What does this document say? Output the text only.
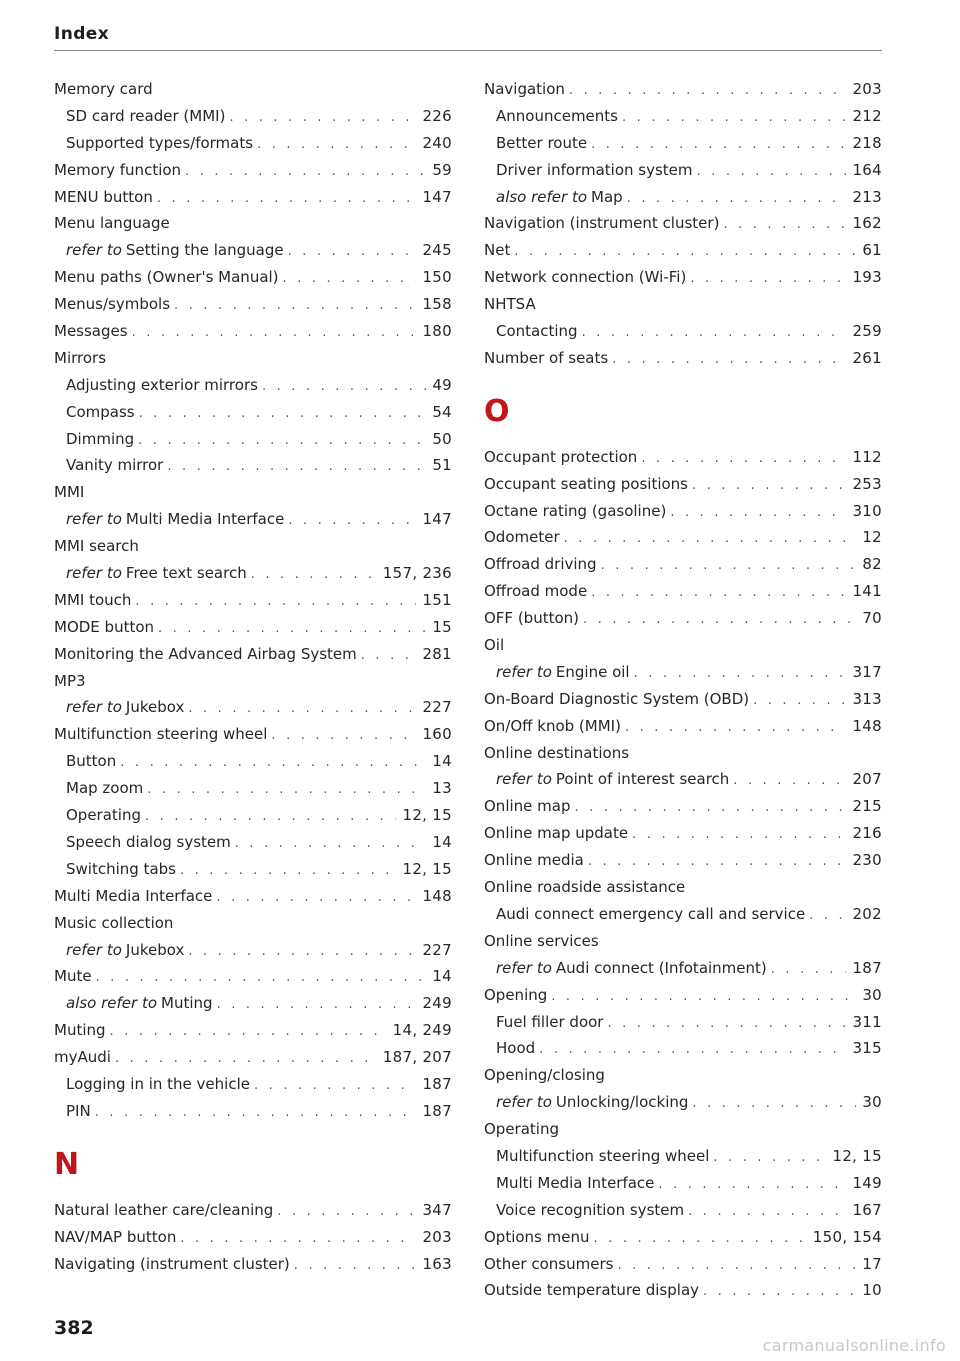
Index
Memory card
SD card reader (MMI) . . .	226
Supported types/formats . . .	240
Memory function . . .	59
MENU button . . .	147
Menu language
refer to Setting the language . . .	245
Menu paths (Owner's Manual) . . .	150
Menus/symbols . . .	158
Messages . . .	180
Mirrors
Adjusting exterior mirrors . . .	49
Compass . . .	54
Dimming . . .	50
Vanity mirror . . .	51
MMI
refer to Multi Media Interface . . .	147
MMI search
refer to Free text search . . .	157, 236
MMI touch . . .	151
MODE button . . .	15
Monitoring the Advanced Airbag System . . .	281
MP3
refer to Jukebox . . .	227
Multifunction steering wheel . . .	160
Button . . .	14
Map zoom . . .	13
Operating . . .	12, 15
Speech dialog system . . .	14
Switching tabs . . .	12, 15
Multi Media Interface . . .	148
Music collection
refer to Jukebox . . .	227
Mute . . .	14
also refer to Muting . . .	249
Muting . . .	14, 249
myAudi . . .	187, 207
Logging in in the vehicle . . .	187
PIN . . .	187
N
Natural leather care/cleaning . . .	347
NAV/MAP button . . .	203
Navigating (instrument cluster) . . .	163
Navigation . . .	203
Announcements . . .	212
Better route . . .	218
Driver information system . . .	164
also refer to Map . . .	213
Navigation (instrument cluster) . . .	162
Net . . .	61
Network connection (Wi-Fi) . . .	193
NHTSA
Contacting . . .	259
Number of seats . . .	261
O
Occupant protection . . .	112
Occupant seating positions . . .	253
Octane rating (gasoline) . . .	310
Odometer . . .	12
Offroad driving . . .	82
Offroad mode . . .	141
OFF (button) . . .	70
Oil
refer to Engine oil . . .	317
On-Board Diagnostic System (OBD) . . .	313
On/Off knob (MMI) . . .	148
Online destinations
refer to Point of interest search . . .	207
Online map . . .	215
Online map update . . .	216
Online media . . .	230
Online roadside assistance
Audi connect emergency call and service . . .	202
Online services
refer to Audi connect (Infotainment) . . .	187
Opening . . .	30
Fuel filler door . . .	311
Hood . . .	315
Opening/closing
refer to Unlocking/locking . . .	30
Operating
Multifunction steering wheel . . .	12, 15
Multi Media Interface . . .	149
Voice recognition system . . .	167
Options menu . . .	150, 154
Other consumers . . .	17
Outside temperature display . . .	10
382
carmanualsonline.info
